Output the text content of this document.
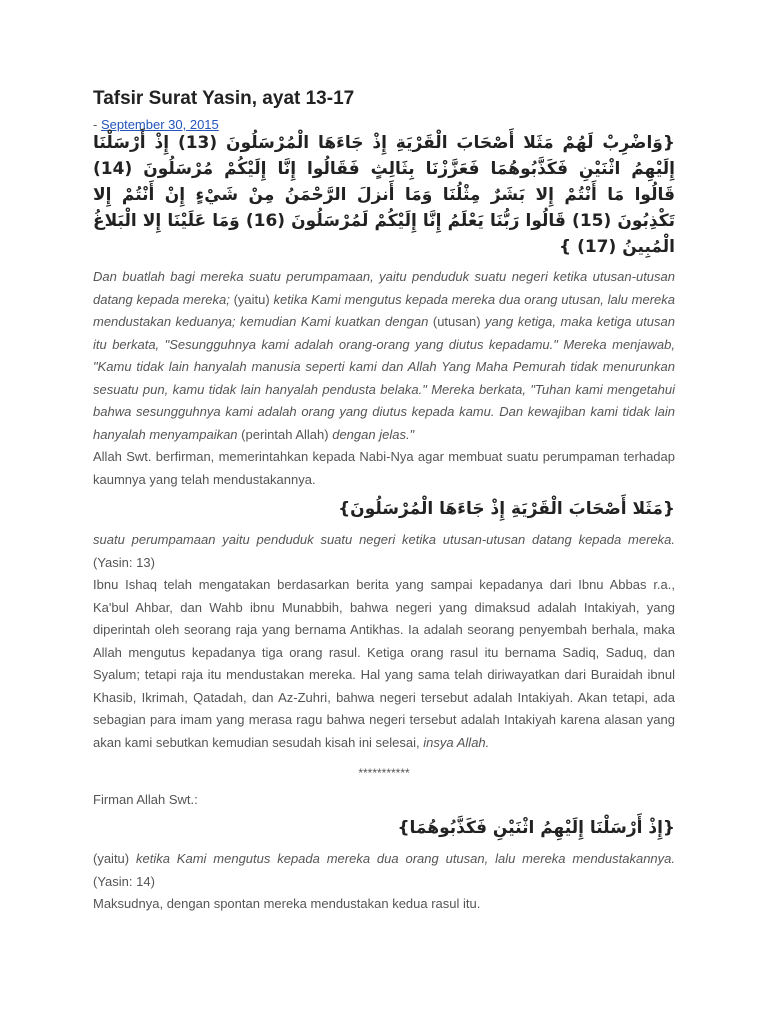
Tafsir Surat Yasin, ayat 13-17
- September 30, 2015
{وَاضْرِبْ لَهُمْ مَثَلا أَصْحَابَ الْقَرْيَةِ إِذْ جَاءَهَا الْمُرْسَلُونَ (13) إِذْ أَرْسَلْنَا إِلَيْهِمُ اثْنَيْنِ فَكَذَّبُوهُمَا فَعَزَّزْنَا بِثَالِثٍ فَقَالُوا إِنَّا إِلَيْكُمْ مُرْسَلُونَ (14) قَالُوا مَا أَنْتُمْ إِلا بَشَرٌ مِثْلُنَا وَمَا أَنزلَ الرَّحْمَنُ مِنْ شَيْءٍ إِنْ أَنْتُمْ إِلا تَكْذِبُونَ (15) قَالُوا رَبُّنَا يَعْلَمُ إِنَّا إِلَيْكُمْ لَمُرْسَلُونَ (16) وَمَا عَلَيْنَا إِلا الْبَلاغُ الْمُبِينُ (17) }

Dan buatlah bagi mereka suatu perumpamaan, yaitu penduduk suatu negeri ketika utusan-utusan datang kepada mereka; (yaitu) ketika Kami mengutus kepada mereka dua orang utusan, lalu mereka mendustakan keduanya; kemudian Kami kuatkan dengan (utusan) yang ketiga, maka ketiga utusan itu berkata, "Sesungguhnya kami adalah orang-orang yang diutus kepadamu." Mereka menjawab, "Kamu tidak lain hanyalah manusia seperti kami dan Allah Yang Maha Pemurah tidak menurunkan sesuatu pun, kamu tidak lain hanyalah pendusta belaka." Mereka berkata, "Tuhan kami mengetahui bahwa sesungguhnya kami adalah orang yang diutus kepada kamu. Dan kewajiban kami tidak lain hanyalah menyampaikan (perintah Allah) dengan jelas."

Allah Swt. berfirman, memerintahkan kepada Nabi-Nya agar membuat suatu perumpaman terhadap kaumnya yang telah mendustakannya.

{مَثَلا أَصْحَابَ الْقَرْيَةِ إِذْ جَاءَهَا الْمُرْسَلُونَ}

suatu perumpamaan yaitu penduduk suatu negeri ketika utusan-utusan datang kepada mereka. (Yasin: 13)

Ibnu Ishaq telah mengatakan berdasarkan berita yang sampai kepadanya dari Ibnu Abbas r.a., Ka'bul Ahbar, dan Wahb ibnu Munabbih, bahwa negeri yang dimaksud adalah Intakiyah, yang diperintah oleh seorang raja yang bernama Antikhas. Ia adalah seorang penyembah berhala, maka Allah mengutus kepadanya tiga orang rasul. Ketiga orang rasul itu bernama Sadiq, Saduq, dan Syalum; tetapi raja itu mendustakan mereka. Hal yang sama telah diriwayatkan dari Buraidah ibnul Khasib, Ikrimah, Qatadah, dan Az-Zuhri, bahwa negeri tersebut adalah Intakiyah. Akan tetapi, ada sebagian para imam yang merasa ragu bahwa negeri tersebut adalah Intakiyah karena alasan yang akan kami sebutkan kemudian sesudah kisah ini selesai, insya Allah.

***********
Firman Allah Swt.:
{إِذْ أَرْسَلْنَا إِلَيْهِمُ اثْنَيْنِ فَكَذَّبُوهُمَا}

(yaitu) ketika Kami mengutus kepada mereka dua orang utusan, lalu mereka mendustakannya. (Yasin: 14)

Maksudnya, dengan spontan mereka mendustakan kedua rasul itu.
